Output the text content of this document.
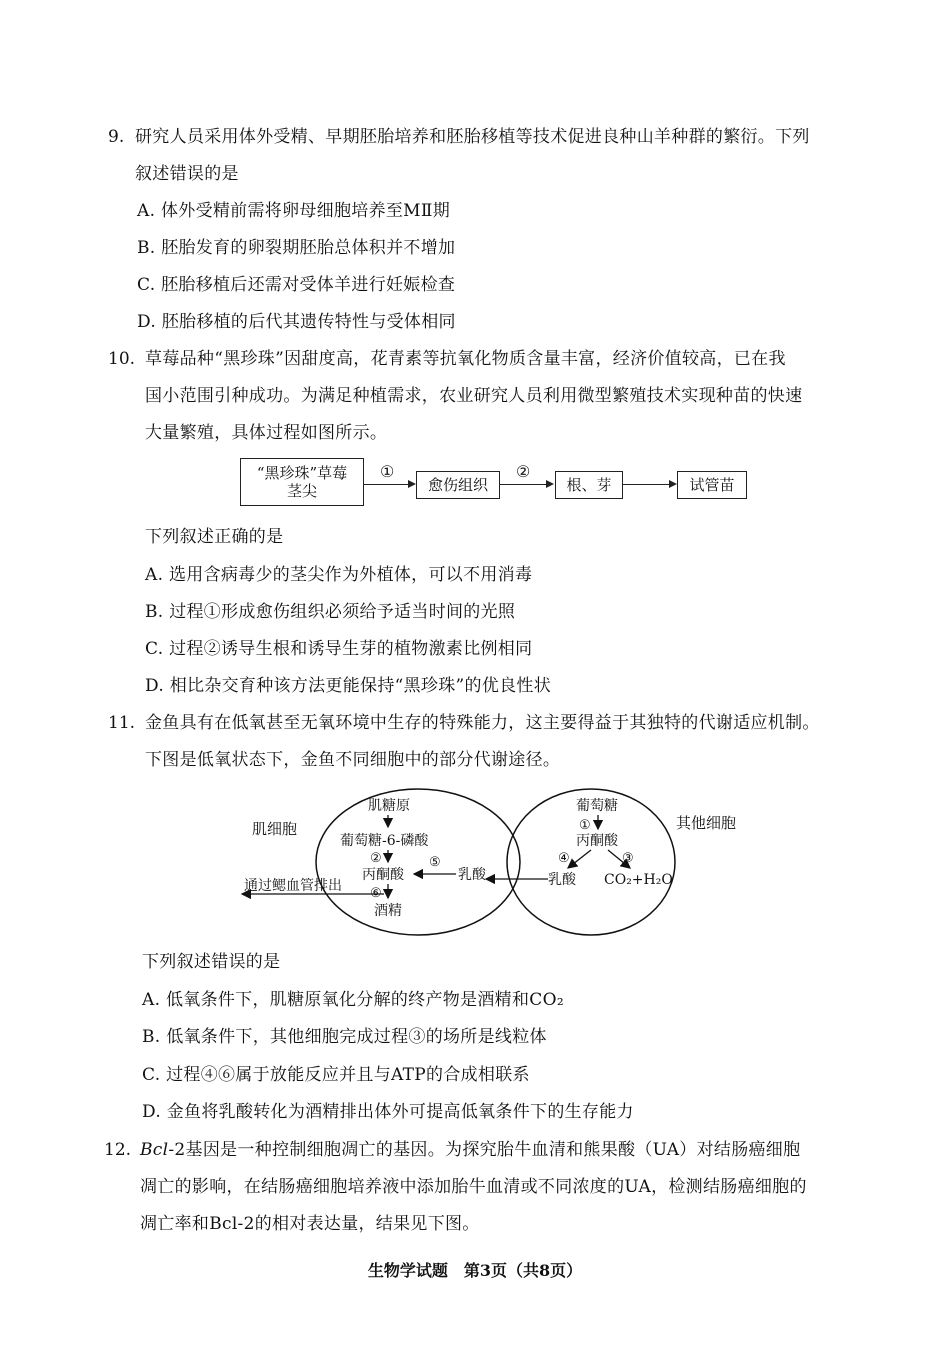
9. 研究人员采用体外受精、早期胚胎培养和胚胎移植等技术促进良种山羊种群的繁衍。下列
叙述错误的是
A. 体外受精前需将卵母细胞培养至MⅡ期
B. 胚胎发育的卵裂期胚胎总体积并不增加
C. 胚胎移植后还需对受体羊进行妊娠检查
D. 胚胎移植的后代其遗传特性与受体相同
10. 草莓品种“黑珍珠”因甜度高，花青素等抗氧化物质含量丰富，经济价值较高，已在我
国小范围引种成功。为满足种植需求，农业研究人员利用微型繁殖技术实现种苗的快速
大量繁殖，具体过程如图所示。
“黑珍珠”草莓
茎尖
①
愈伤组织
②
根、芽	试管苗
下列叙述正确的是
A. 选用含病毒少的茎尖作为外植体，可以不用消毒
B. 过程①形成愈伤组织必须给予适当时间的光照
C. 过程②诱导生根和诱导生芽的植物激素比例相同
D. 相比杂交育种该方法更能保持“黑珍珠”的优良性状
11. 金鱼具有在低氧甚至无氧环境中生存的特殊能力，这主要得益于其独特的代谢适应机制。
下图是低氧状态下，金鱼不同细胞中的部分代谢途径。
肌细胞	其他细胞
肌糖原
葡萄糖-6-磷酸
②
丙酮酸
⑤
乳酸
⑥
酒精
通过鳃血管排出
葡萄糖
①
丙酮酸
④	③
乳酸 CO₂+H₂O
下列叙述错误的是
A. 低氧条件下，肌糖原氧化分解的终产物是酒精和CO₂
B. 低氧条件下，其他细胞完成过程③的场所是线粒体
C. 过程④⑥属于放能反应并且与ATP的合成相联系
D. 金鱼将乳酸转化为酒精排出体外可提高低氧条件下的生存能力
12. Bcl-2基因是一种控制细胞凋亡的基因。为探究胎牛血清和熊果酸（UA）对结肠癌细胞
凋亡的影响，在结肠癌细胞培养液中添加胎牛血清或不同浓度的UA，检测结肠癌细胞的
凋亡率和Bcl-2的相对表达量，结果见下图。
生物学试题　第3页（共8页）
